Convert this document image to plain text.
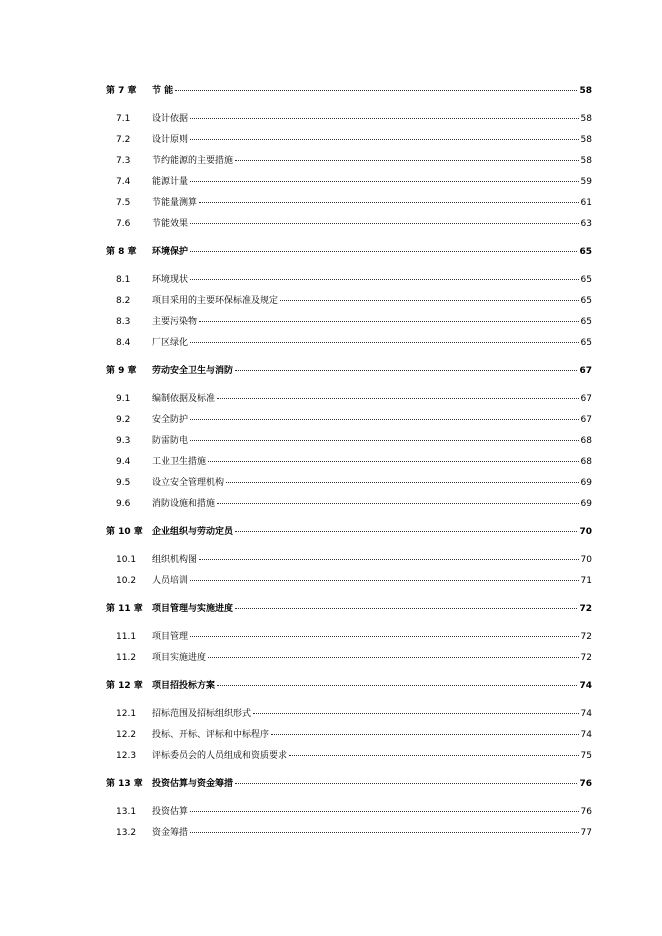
第 7 章 节 能	58
7.1 设计依据	58
7.2 设计原则	58
7.3 节约能源的主要措施	58
7.4 能源计量	59
7.5 节能量测算	61
7.6 节能效果	63
第 8 章 环境保护	65
8.1 环境现状	65
8.2 项目采用的主要环保标准及规定	65
8.3 主要污染物	65
8.4 厂区绿化	65
第 9 章 劳动安全卫生与消防	67
9.1 编制依据及标准	67
9.2 安全防护	67
9.3 防雷防电	68
9.4 工业卫生措施	68
9.5 设立安全管理机构	69
9.6 消防设施和措施	69
第 10 章 企业组织与劳动定员	70
10.1 组织机构图	70
10.2 人员培训	71
第 11 章 项目管理与实施进度	72
11.1 项目管理	72
11.2 项目实施进度	72
第 12 章 项目招投标方案	74
12.1 招标范围及招标组织形式	74
12.2 投标、开标、评标和中标程序	74
12.3 评标委员会的人员组成和资质要求	75
第 13 章 投资估算与资金筹措	76
13.1 投资估算	76
13.2 资金筹措	77
